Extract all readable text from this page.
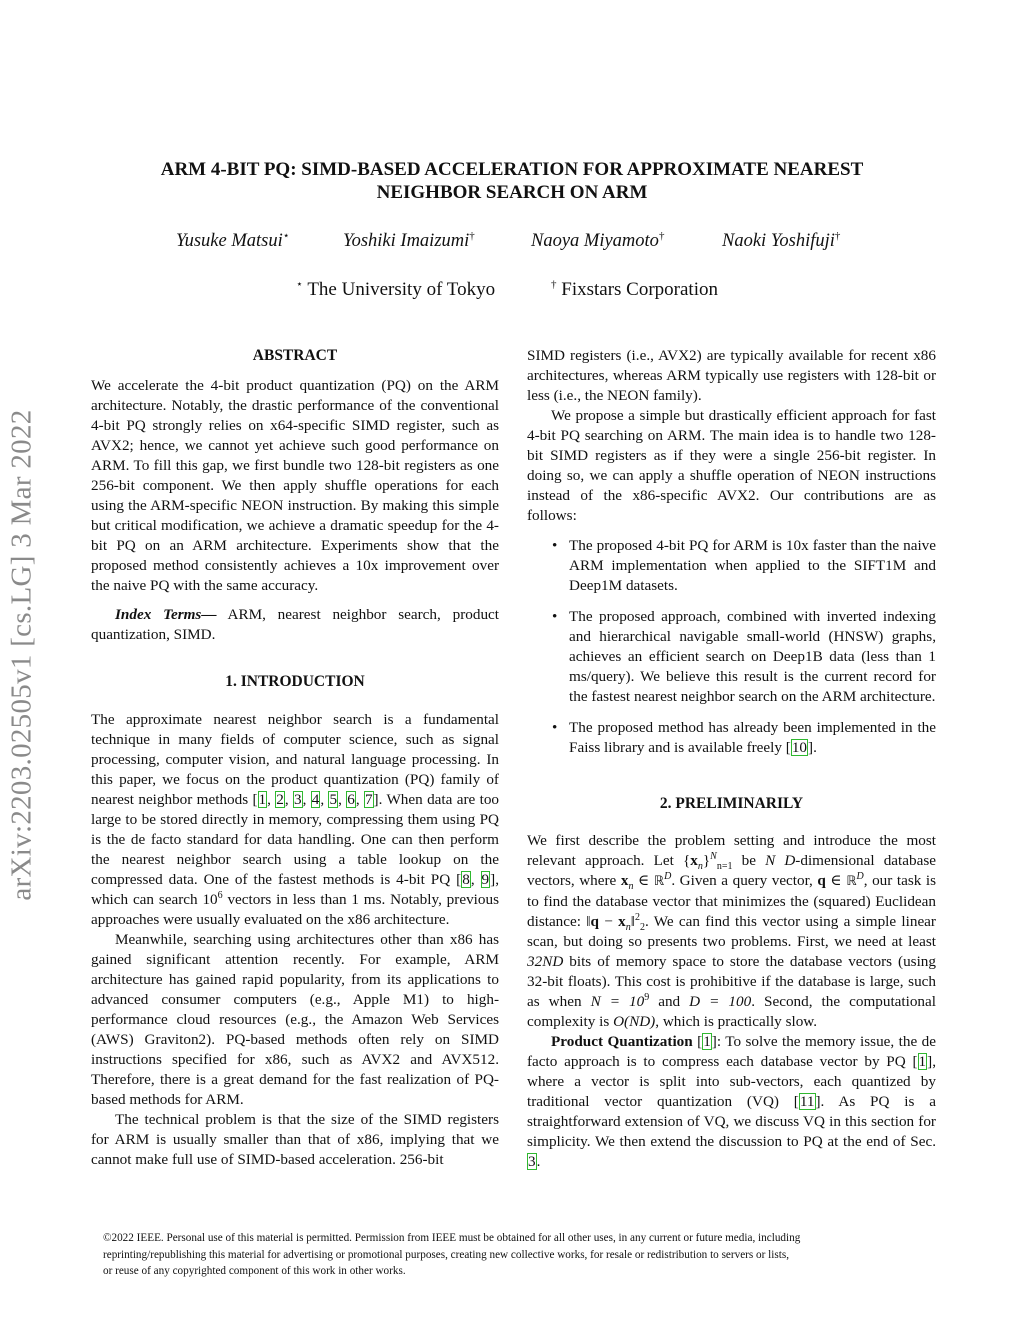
arXiv:2203.02505v1 [cs.LG] 3 Mar 2022
ARM 4-BIT PQ: SIMD-BASED ACCELERATION FOR APPROXIMATE NEAREST
NEIGHBOR SEARCH ON ARM
Yusuke Matsui⋆	Yoshiki Imaizumi†	Naoya Miyamoto†	Naoki Yoshifuji†
⋆ The University of Tokyo	† Fixstars Corporation
ABSTRACT

We accelerate the 4-bit product quantization (PQ) on the ARM architecture. Notably, the drastic performance of the conventional 4-bit PQ strongly relies on x64-specific SIMD register, such as AVX2; hence, we cannot yet achieve such good performance on ARM. To fill this gap, we first bundle two 128-bit registers as one 256-bit component. We then apply shuffle operations for each using the ARM-specific NEON instruction. By making this simple but critical modification, we achieve a dramatic speedup for the 4-bit PQ on an ARM architecture. Experiments show that the proposed method consistently achieves a 10x improvement over the naive PQ with the same accuracy.

Index Terms— ARM, nearest neighbor search, product quantization, SIMD.

1. INTRODUCTION

The approximate nearest neighbor search is a fundamental technique in many fields of computer science, such as signal processing, computer vision, and natural language processing. In this paper, we focus on the product quantization (PQ) family of nearest neighbor methods [1, 2, 3, 4, 5, 6, 7]. When data are too large to be stored directly in memory, compressing them using PQ is the de facto standard for data handling. One can then perform the nearest neighbor search using a table lookup on the compressed data. One of the fastest methods is 4-bit PQ [8, 9], which can search $10^6$ vectors in less than 1 ms. Notably, previous approaches were usually evaluated on the x86 architecture.

Meanwhile, searching using architectures other than x86 has gained significant attention recently. For example, ARM architecture has gained rapid popularity, from its applications to advanced consumer computers (e.g., Apple M1) to high-performance cloud resources (e.g., the Amazon Web Services (AWS) Graviton2). PQ-based methods often rely on SIMD instructions specified for x86, such as AVX2 and AVX512. Therefore, there is a great demand for the fast realization of PQ-based methods for ARM.

The technical problem is that the size of the SIMD registers for ARM is usually smaller than that of x86, implying that we cannot make full use of SIMD-based acceleration. 256-bit

SIMD registers (i.e., AVX2) are typically available for recent x86 architectures, whereas ARM typically use registers with 128-bit or less (i.e., the NEON family).

We propose a simple but drastically efficient approach for fast 4-bit PQ searching on ARM. The main idea is to handle two 128-bit SIMD registers as if they were a single 256-bit register. In doing so, we can apply a shuffle operation of NEON instructions instead of the x86-specific AVX2. Our contributions are as follows:

• The proposed 4-bit PQ for ARM is 10x faster than the naive ARM implementation when applied to the SIFT1M and Deep1M datasets.
• The proposed approach, combined with inverted indexing and hierarchical navigable small-world (HNSW) graphs, achieves an efficient search on Deep1B data (less than 1 ms/query). We believe this result is the current record for the fastest nearest neighbor search on the ARM architecture.
• The proposed method has already been implemented in the Faiss library and is available freely [10].
2. PRELIMINARILY

We first describe the problem setting and introduce the most relevant approach. Let $\{x_n\}^N_{n=1}$ be N D-dimensional database vectors, where $x_n$ ∈ ℝ$^D$. Given a query vector, q ∈ ℝ$^D$, our task is to find the database vector that minimizes the (squared) Euclidean distance: ‖q − $x_n‖^2_2$. We can find this vector using a simple linear scan, but doing so presents two problems. First, we need at least 32ND bits of memory space to store the database vectors (using 32-bit floats). This cost is prohibitive if the database is large, such as when $N = 10^9$ and D = 100. Second, the computational complexity is O(ND), which is practically slow.

Product Quantization [1]: To solve the memory issue, the de facto approach is to compress each database vector by PQ [1], where a vector is split into sub-vectors, each quantized by traditional vector quantization (VQ) [11]. As PQ is a straightforward extension of VQ, we discuss VQ in this section for simplicity. We then extend the discussion to PQ at the end of Sec. 3.

©2022 IEEE. Personal use of this material is permitted. Permission from IEEE must be obtained for all other uses, in any current or future media, including
reprinting/republishing this material for advertising or promotional purposes, creating new collective works, for resale or redistribution to servers or lists,
or reuse of any copyrighted component of this work in other works.
